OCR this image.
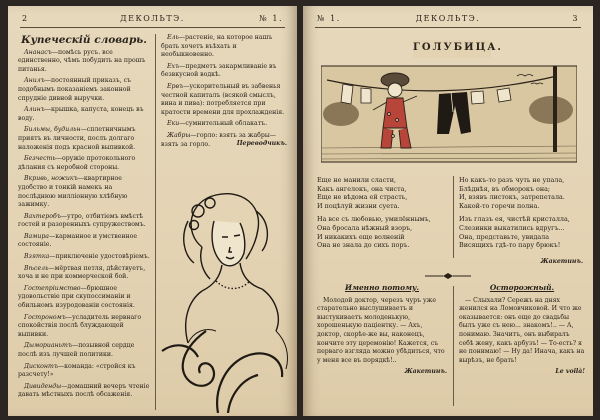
2	ДЕКОЛЬТЭ.	№ 1.
Купеческiй словарь.

Ананасъ—помѣсь русъ. все единственно, чѣмъ побудить на прошъ питанья.

Анилъ—постоянный приказъ, съ подобнымъ показаніемъ законной спрудніе дивной выручки.

Алинъ—крышка, капуста, конецъ въ воду.

Бильмы, будильн—сплетничнымъ приятъ въ личности, послъ долгаго наложенія подъ красной выпивкой.

Безчесть—оружіе протокольного дѣлания съ неробной стороны.

Вкривь, ножикъ—квартирное удобство и тонкій намекъ на послѣднюю милліонную хлѣбную зажимку.

Вахтеробъ—утро, отбитіемъ вмѣстѣ гостей и разоренныхъ супружествомъ.

Вамира—карманное и умственное состояніе.

Взятка—приключеніе удостовѣріемъ.

Вѣсель—мёртвая петля, дѣйствуетъ, хоча и не при коммерческой бой.

Гостепріимство—брюшное удовольствіе при скупоссиманіи и обильномъ изуродованіи состоянія.

Гострономъ—усладитель нервнаго спокойствія послѣ блуждающей выпивки.

Дыморианьтъ—позывной сердце послѣ изъ лучшей политики.

Дисконтъ—команда: «стройся къ разсчету!»

Дивиденды—домашний вечеръ чтеніе давать мѣстныхъ послѣ обсаженія.

Ель—растеніе, на которое нашъ брать хочетъ въѣхать и необыкновенно.

Ехъ—предметъ закармливаніе въ безвкусной водкѣ.

Ервъ—ускорительный въ забвенья честной капиталъ (всякой смыслъ, вина и пива): потребляется при кратости времени для прохлажденія.

Еки—сумнительный облакатъ.

Жабры—горло: взять за жабры—взять за горло.	Переводчикъ.
№ 1.	ДЕКОЛЬТЭ.	3
ГОЛУБИЦА.
Еще не манили сласти,
Какъ ангелокъ, она чиста,
Еще не вѣдома ей страсть,
И поцѣлуй жизни суета.
На все съ любовью, умилённымъ,
Она бросала нѣжный взоръ,
И никакихъ еще волненій
Она не знала до сихъ поръ.
Но какъ-то разъ чуть не упала,
Блѣднѣя, въ обморокъ она;
И, взявъ листокъ, затрепетала.
Какой-то горечи полна.
Изъ глазъ ея, чистѣй кристалла,
Слезинки выкатились вдругъ...
Она, представьте, увидала
Висящихъ гдѣ-то пару брюкъ!
Жакетинъ.
Именно потому.

Молодой доктор, черезъ чуръ уже старательно выслушиваетъ и выстукиваетъ молоденькую, хорошенькую пацiентку. — Ахъ, доктор, скорѣе-же вы, наконецъ, кончите эту церемонію! Кажется, съ перваго взгляда можно убѣдиться, что у меня все въ порядкѣ!..

Жакетинъ.
Осторожный.

— Слыхали? Сережъ на днях женился на Ломовчиковой. И что же оказывается: онъ еще до свадьбы былъ уже съ нею... знакомъ!.. — А, понимаю. Значитъ, онъ выбиралъ себѣ жену, какъ арбузъ! — То-есть? я не понимаю! — Ну да! Инача, какъ на вырѣзъ, не брать!

Le voilà!
